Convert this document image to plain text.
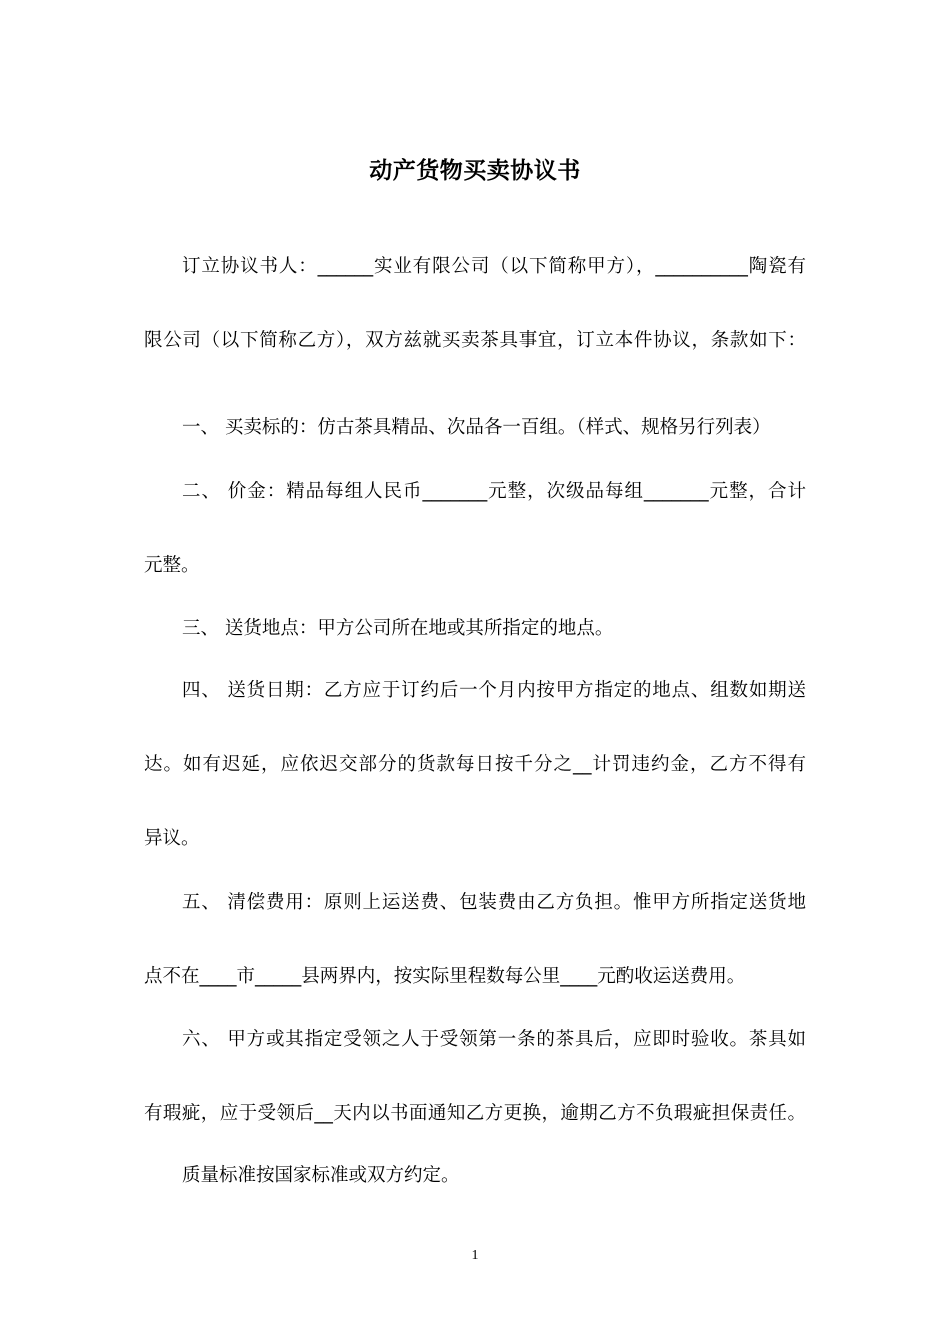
动产货物买卖协议书
订立协议书人：______实业有限公司（以下简称甲方），__________陶瓷有
限公司（以下简称乙方），双方兹就买卖茶具事宜，订立本件协议，条款如下：
一、 买卖标的：仿古茶具精品、次品各一百组。（样式、规格另行列表）
二、 价金：精品每组人民币_______元整，次级品每组_______元整，合计
元整。
三、 送货地点：甲方公司所在地或其所指定的地点。
四、 送货日期：乙方应于订约后一个月内按甲方指定的地点、组数如期送
达。如有迟延，应依迟交部分的货款每日按千分之__计罚违约金，乙方不得有
异议。
五、 清偿费用：原则上运送费、包装费由乙方负担。惟甲方所指定送货地
点不在____市_____县两界内，按实际里程数每公里____元酌收运送费用。
六、 甲方或其指定受领之人于受领第一条的茶具后，应即时验收。茶具如
有瑕疵，应于受领后__天内以书面通知乙方更换，逾期乙方不负瑕疵担保责任。
质量标准按国家标准或双方约定。
1
